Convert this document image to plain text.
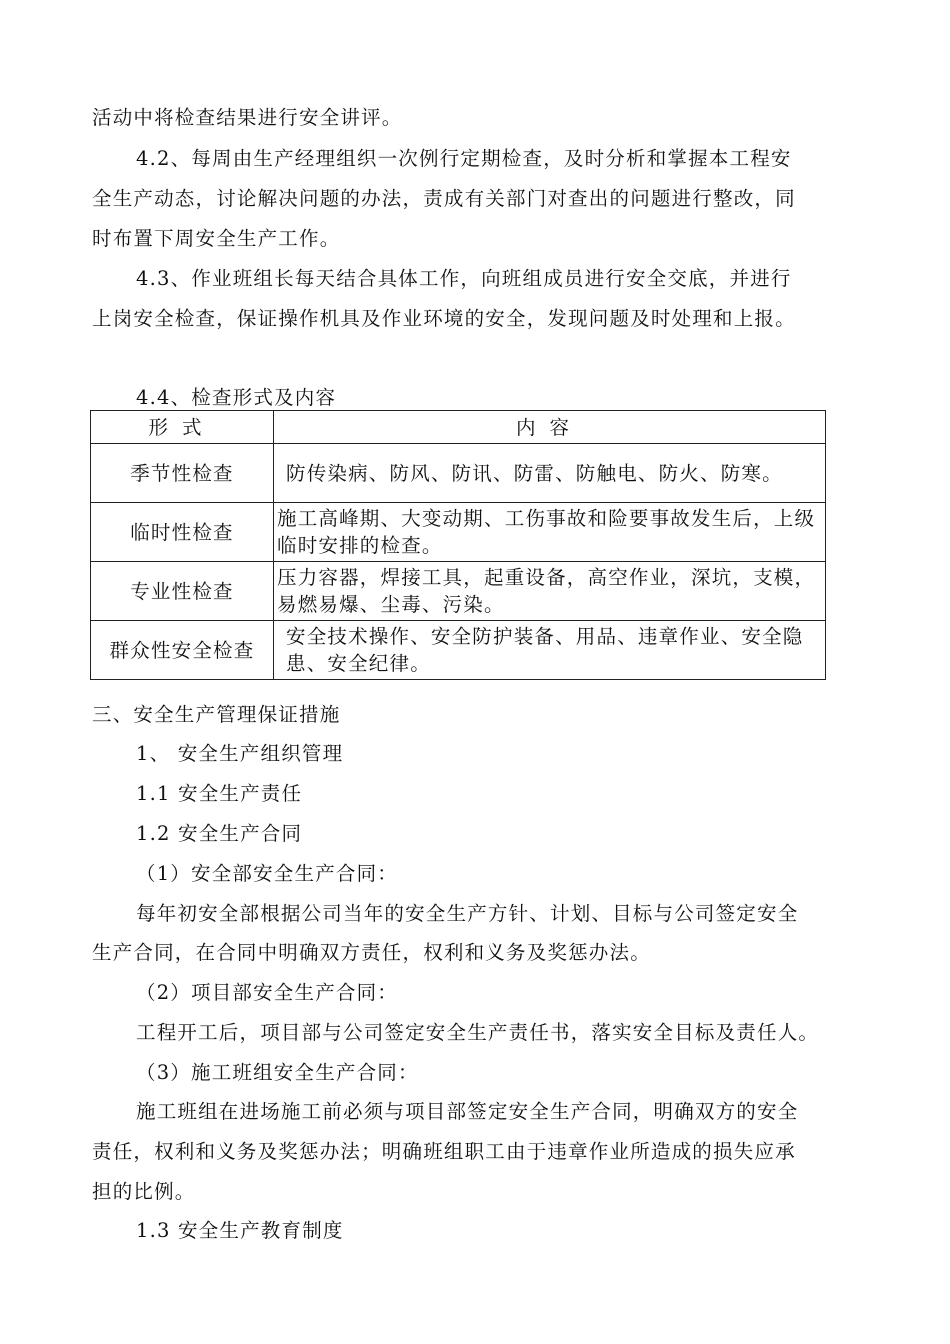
活动中将检查结果进行安全讲评。
4.2、每周由生产经理组织一次例行定期检查，及时分析和掌握本工程安
全生产动态，讨论解决问题的办法，责成有关部门对查出的问题进行整改，同
时布置下周安全生产工作。
4.3、作业班组长每天结合具体工作，向班组成员进行安全交底，并进行
上岗安全检查，保证操作机具及作业环境的安全，发现问题及时处理和上报。
4.4、检查形式及内容
形式	内容
季节性检查	防传染病、防风、防讯、防雷、防触电、防火、防寒。
临时性检查	施工高峰期、大变动期、工伤事故和险要事故发生后，上级临时安排的检查。
专业性检查	压力容器，焊接工具，起重设备，高空作业，深坑，支模，易燃易爆、尘毒、污染。
群众性安全检查	安全技术操作、安全防护装备、用品、违章作业、安全隐患、安全纪律。
三、安全生产管理保证措施
1、 安全生产组织管理
1.1 安全生产责任
1.2 安全生产合同
（1）安全部安全生产合同：
每年初安全部根据公司当年的安全生产方针、计划、目标与公司签定安全
生产合同，在合同中明确双方责任，权利和义务及奖惩办法。
（2）项目部安全生产合同：
工程开工后，项目部与公司签定安全生产责任书，落实安全目标及责任人。
（3）施工班组安全生产合同：
施工班组在进场施工前必须与项目部签定安全生产合同，明确双方的安全
责任，权利和义务及奖惩办法；明确班组职工由于违章作业所造成的损失应承
担的比例。
1.3 安全生产教育制度
